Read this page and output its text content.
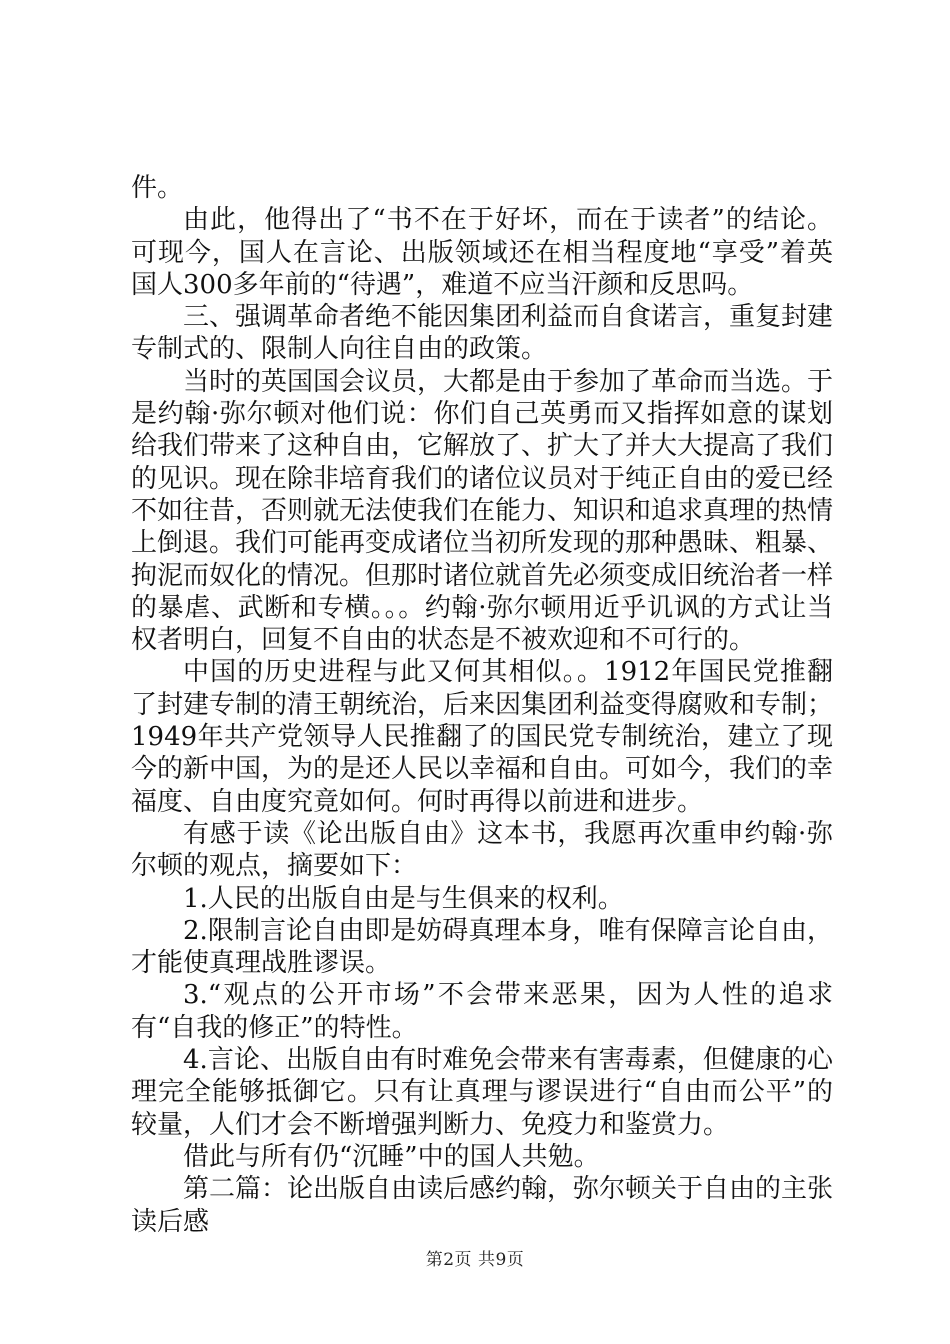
件。

由此，他得出了“书不在于好坏，而在于读者”的结论。可现今，国人在言论、出版领域还在相当程度地“享受”着英国人300多年前的“待遇”，难道不应当汗颜和反思吗。

三、强调革命者绝不能因集团利益而自食诺言，重复封建专制式的、限制人向往自由的政策。

当时的英国国会议员，大都是由于参加了革命而当选。于是约翰·弥尔顿对他们说：你们自己英勇而又指挥如意的谋划给我们带来了这种自由，它解放了、扩大了并大大提高了我们的见识。现在除非培育我们的诸位议员对于纯正自由的爱已经不如往昔，否则就无法使我们在能力、知识和追求真理的热情上倒退。我们可能再变成诸位当初所发现的那种愚昧、粗暴、拘泥而奴化的情况。但那时诸位就首先必须变成旧统治者一样的暴虐、武断和专横。。。约翰·弥尔顿用近乎讥讽的方式让当权者明白，回复不自由的状态是不被欢迎和不可行的。

中国的历史进程与此又何其相似。。1912年国民党推翻了封建专制的清王朝统治，后来因集团利益变得腐败和专制；1949年共产党领导人民推翻了的国民党专制统治，建立了现今的新中国，为的是还人民以幸福和自由。可如今，我们的幸福度、自由度究竟如何。何时再得以前进和进步。

有感于读《论出版自由》这本书，我愿再次重申约翰·弥尔顿的观点，摘要如下：

1.人民的出版自由是与生俱来的权利。

2.限制言论自由即是妨碍真理本身，唯有保障言论自由，才能使真理战胜谬误。

3.“观点的公开市场”不会带来恶果，因为人性的追求有“自我的修正”的特性。

4.言论、出版自由有时难免会带来有害毒素，但健康的心理完全能够抵御它。只有让真理与谬误进行“自由而公平”的较量，人们才会不断增强判断力、免疫力和鉴赏力。

借此与所有仍“沉睡”中的国人共勉。

第二篇：论出版自由读后感约翰，弥尔顿关于自由的主张读后感

第2页 共9页
